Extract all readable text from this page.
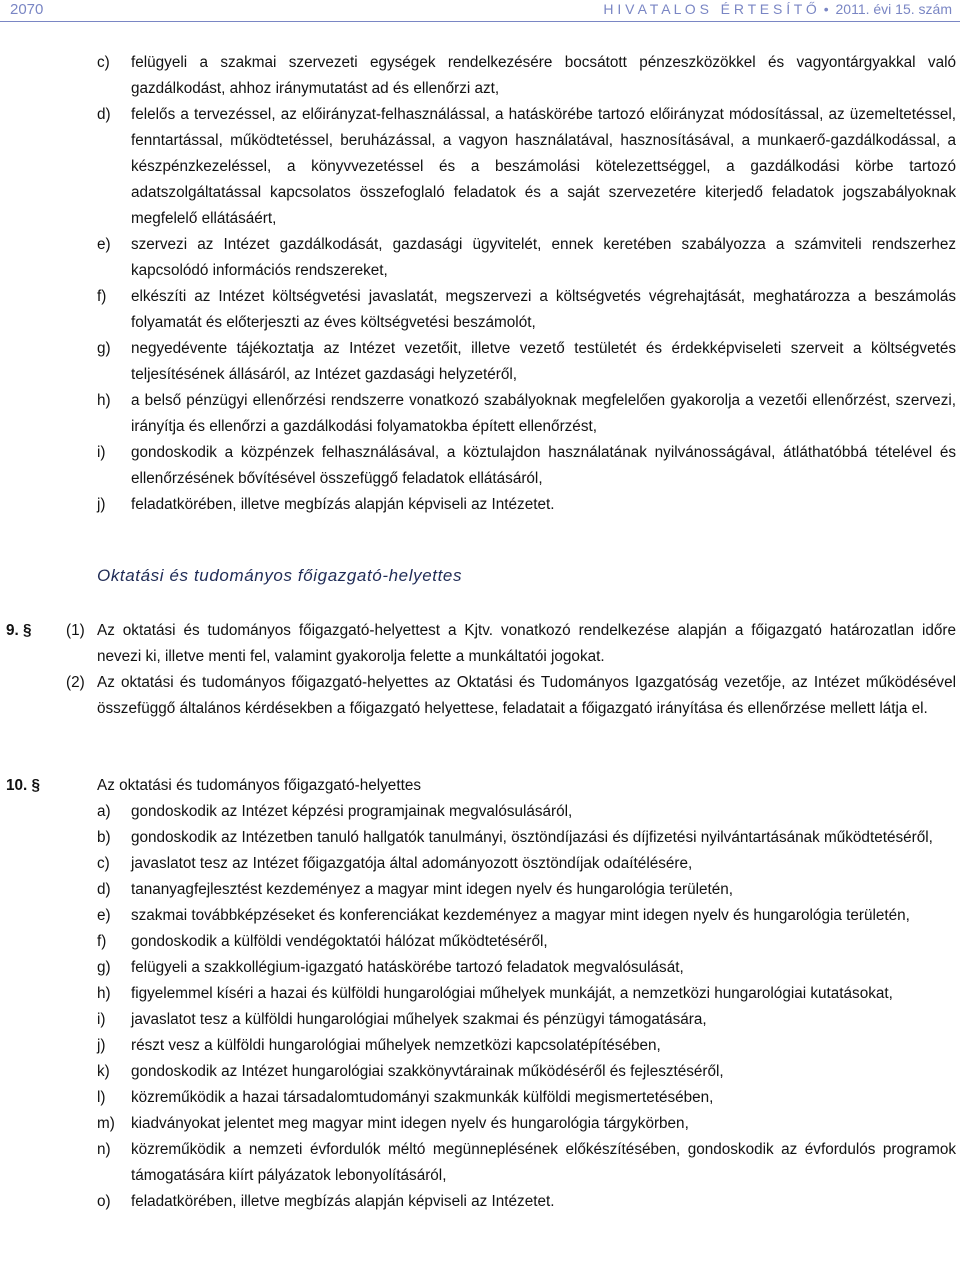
2070	H I V A T A L O S   É R T E S Í T Ő • 2011. évi 15. szám
c) felügyeli a szakmai szervezeti egységek rendelkezésére bocsátott pénzeszközökkel és vagyontárgyakkal való gazdálkodást, ahhoz iránymutatást ad és ellenőrzi azt,
d) felelős a tervezéssel, az előirányzat-felhasználással, a hatáskörébe tartozó előirányzat módosítással, az üzemeltetéssel, fenntartással, működtetéssel, beruházással, a vagyon használatával, hasznosításával, a munkaerő-gazdálkodással, a készpénzkezeléssel, a könyvvezetéssel és a beszámolási kötelezettséggel, a gazdálkodási körbe tartozó adatszolgáltatással kapcsolatos összefoglaló feladatok és a saját szervezetére kiterjedő feladatok jogszabályoknak megfelelő ellátásáért,
e) szervezi az Intézet gazdálkodását, gazdasági ügyvitelét, ennek keretében szabályozza a számviteli rendszerhez kapcsolódó információs rendszereket,
f) elkészíti az Intézet költségvetési javaslatát, megszervezi a költségvetés végrehajtását, meghatározza a beszámolás folyamatát és előterjeszti az éves költségvetési beszámolót,
g) negyedévente tájékoztatja az Intézet vezetőit, illetve vezető testületét és érdekképviseleti szerveit a költségvetés teljesítésének állásáról, az Intézet gazdasági helyzetéről,
h) a belső pénzügyi ellenőrzési rendszerre vonatkozó szabályoknak megfelelően gyakorolja a vezetői ellenőrzést, szervezi, irányítja és ellenőrzi a gazdálkodási folyamatokba épített ellenőrzést,
i) gondoskodik a közpénzek felhasználásával, a köztulajdon használatának nyilvánosságával, átláthatóbbá tételével és ellenőrzésének bővítésével összefüggő feladatok ellátásáról,
j) feladatkörében, illetve megbízás alapján képviseli az Intézetet.
Oktatási és tudományos főigazgató-helyettes
9. § (1) Az oktatási és tudományos főigazgató-helyettest a Kjtv. vonatkozó rendelkezése alapján a főigazgató határozatlan időre nevezi ki, illetve menti fel, valamint gyakorolja felette a munkáltatói jogokat.
(2) Az oktatási és tudományos főigazgató-helyettes az Oktatási és Tudományos Igazgatóság vezetője, az Intézet működésével összefüggő általános kérdésekben a főigazgató helyettese, feladatait a főigazgató irányítása és ellenőrzése mellett látja el.
10. §	Az oktatási és tudományos főigazgató-helyettes
a) gondoskodik az Intézet képzési programjainak megvalósulásáról,
b) gondoskodik az Intézetben tanuló hallgatók tanulmányi, ösztöndíjazási és díjfizetési nyilvántartásának működtetéséről,
c) javaslatot tesz az Intézet főigazgatója által adományozott ösztöndíjak odaítélésére,
d) tananyagfejlesztést kezdeményez a magyar mint idegen nyelv és hungarológia területén,
e) szakmai továbbképzéseket és konferenciákat kezdeményez a magyar mint idegen nyelv és hungarológia területén,
f) gondoskodik a külföldi vendégoktatói hálózat működtetéséről,
g) felügyeli a szakkollégium-igazgató hatáskörébe tartozó feladatok megvalósulását,
h) figyelemmel kíséri a hazai és külföldi hungarológiai műhelyek munkáját, a nemzetközi hungarológiai kutatásokat,
i) javaslatot tesz a külföldi hungarológiai műhelyek szakmai és pénzügyi támogatására,
j) részt vesz a külföldi hungarológiai műhelyek nemzetközi kapcsolatépítésében,
k) gondoskodik az Intézet hungarológiai szakkönyvtárainak működéséről és fejlesztéséről,
l) közreműködik a hazai társadalomtudományi szakmunkák külföldi megismertetésében,
m) kiadványokat jelentet meg magyar mint idegen nyelv és hungarológia tárgykörben,
n) közreműködik a nemzeti évfordulók méltó megünneplésének előkészítésében, gondoskodik az évfordulós programok támogatására kiírt pályázatok lebonyolításáról,
o) feladatkörében, illetve megbízás alapján képviseli az Intézetet.
